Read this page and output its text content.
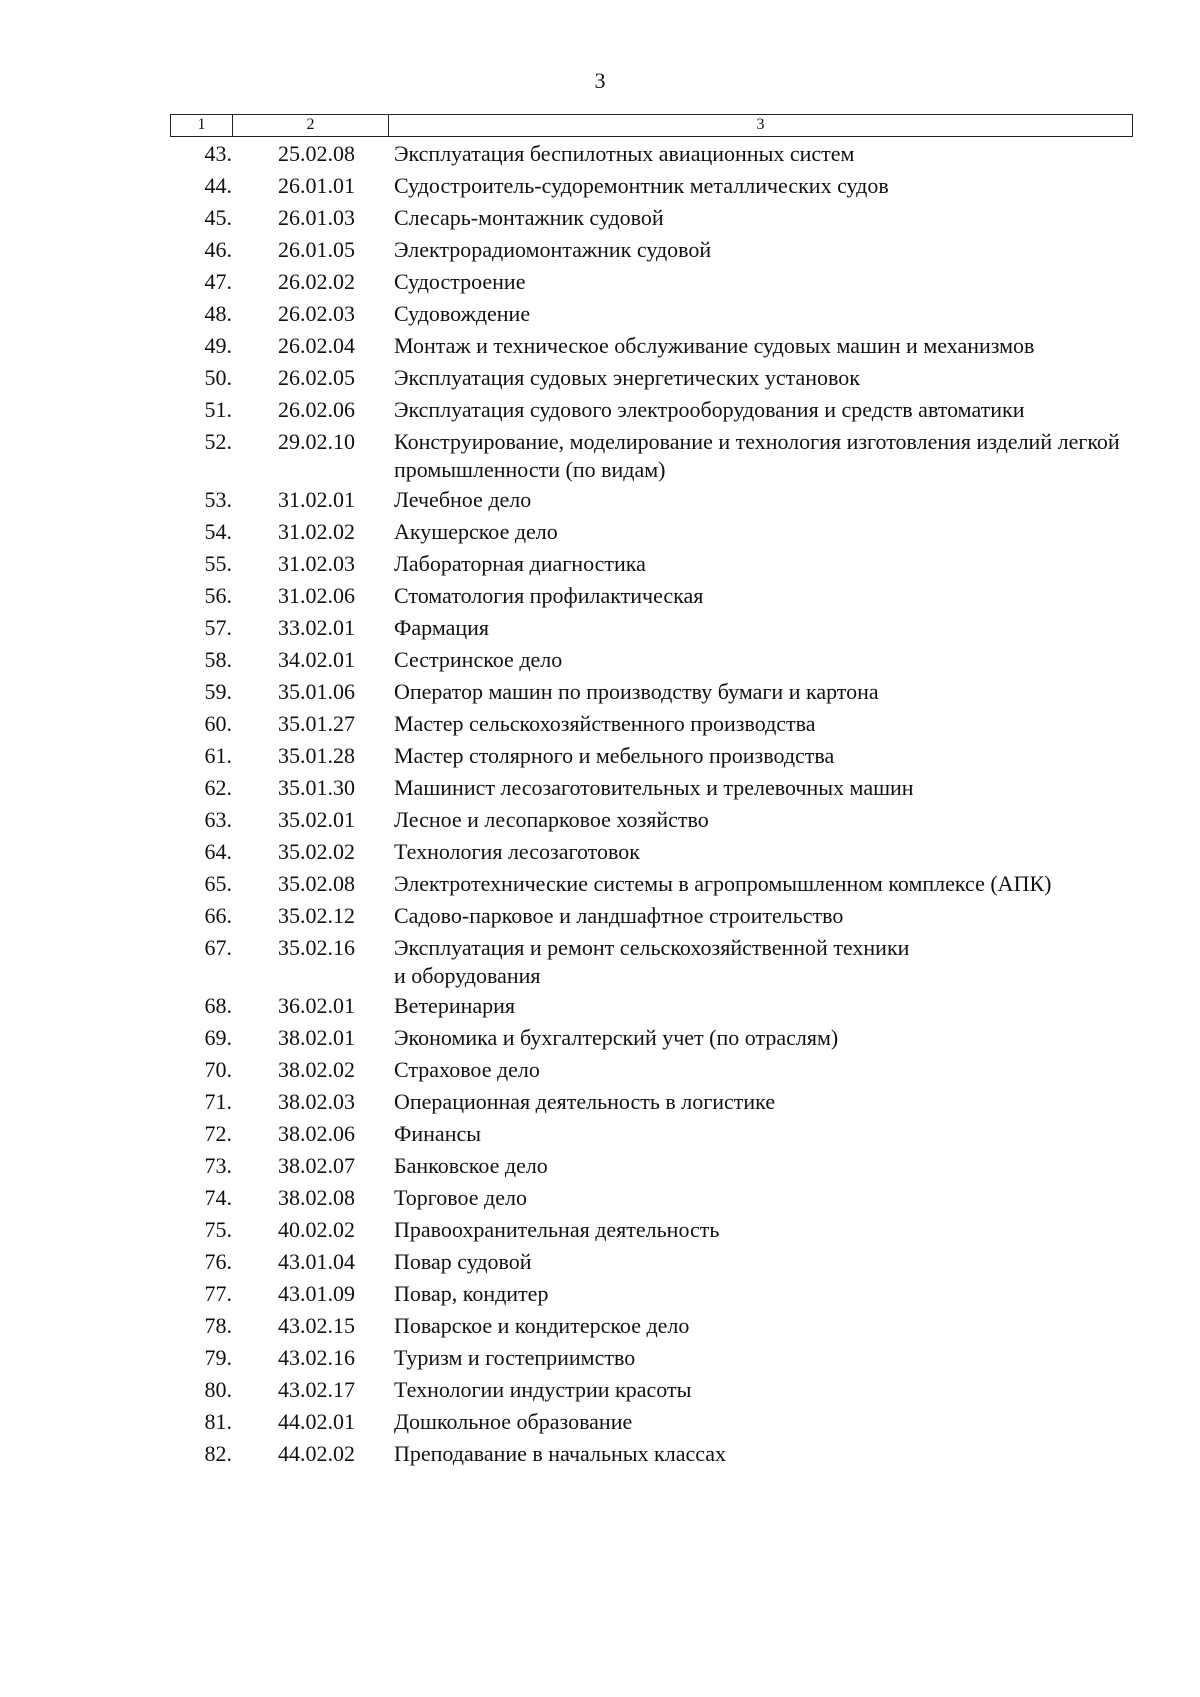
3
1	2	3
43.	25.02.08	Эксплуатация беспилотных авиационных систем
44.	26.01.01	Судостроитель-судоремонтник металлических судов
45.	26.01.03	Слесарь-монтажник судовой
46.	26.01.05	Электрорадиомонтажник судовой
47.	26.02.02	Судостроение
48.	26.02.03	Судовождение
49.	26.02.04	Монтаж и техническое обслуживание судовых машин и механизмов
50.	26.02.05	Эксплуатация судовых энергетических установок
51.	26.02.06	Эксплуатация судового электрооборудования и средств автоматики
52.	29.02.10	Конструирование, моделирование и технология изготовления изделий легкой промышленности (по видам)
53.	31.02.01	Лечебное дело
54.	31.02.02	Акушерское дело
55.	31.02.03	Лабораторная диагностика
56.	31.02.06	Стоматология профилактическая
57.	33.02.01	Фармация
58.	34.02.01	Сестринское дело
59.	35.01.06	Оператор машин по производству бумаги и картона
60.	35.01.27	Мастер сельскохозяйственного производства
61.	35.01.28	Мастер столярного и мебельного производства
62.	35.01.30	Машинист лесозаготовительных и трелевочных машин
63.	35.02.01	Лесное и лесопарковое хозяйство
64.	35.02.02	Технология лесозаготовок
65.	35.02.08	Электротехнические системы в агропромышленном комплексе (АПК)
66.	35.02.12	Садово-парковое и ландшафтное строительство
67.	35.02.16	Эксплуатация и ремонт сельскохозяйственной техники
и оборудования
68.	36.02.01	Ветеринария
69.	38.02.01	Экономика и бухгалтерский учет (по отраслям)
70.	38.02.02	Страховое дело
71.	38.02.03	Операционная деятельность в логистике
72.	38.02.06	Финансы
73.	38.02.07	Банковское дело
74.	38.02.08	Торговое дело
75.	40.02.02	Правоохранительная деятельность
76.	43.01.04	Повар судовой
77.	43.01.09	Повар, кондитер
78.	43.02.15	Поварское и кондитерское дело
79.	43.02.16	Туризм и гостеприимство
80.	43.02.17	Технологии индустрии красоты
81.	44.02.01	Дошкольное образование
82.	44.02.02	Преподавание в начальных классах
